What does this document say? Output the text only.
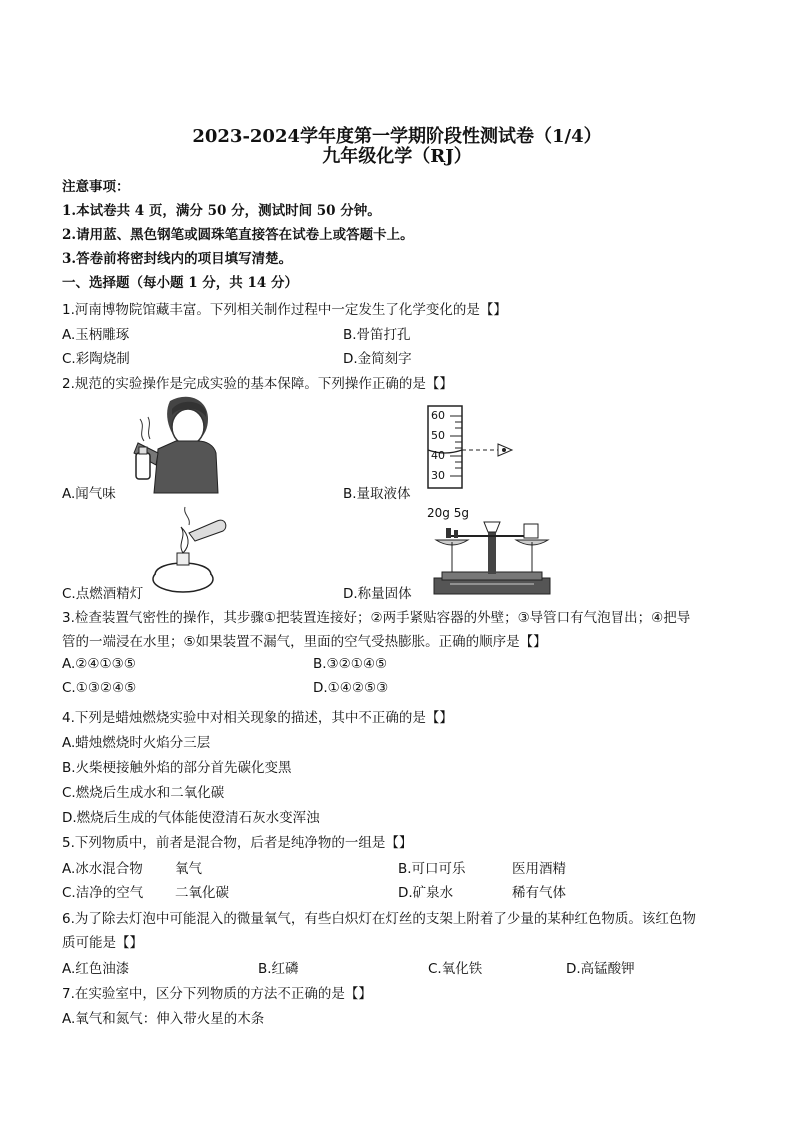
2023-2024学年度第一学期阶段性测试卷（1/4）
九年级化学（RJ）
注意事项：
1.本试卷共 4 页，满分 50 分，测试时间 50 分钟。
2.请用蓝、黑色钢笔或圆珠笔直接答在试卷上或答题卡上。
3.答卷前将密封线内的项目填写清楚。
一、选择题（每小题 1 分，共 14 分）
1.河南博物院馆藏丰富。下列相关制作过程中一定发生了化学变化的是【】
A.玉柄雕琢	B.骨笛打孔
C.彩陶烧制	D.金简刻字
2.规范的实验操作是完成实验的基本保障。下列操作正确的是【】
A.闻气味
60
50
40
30
B.量取液体
C.点燃酒精灯
20g 5g
D.称量固体
3.检查装置气密性的操作，其步骤①把装置连接好；②两手紧贴容器的外壁；③导管口有气泡冒出；④把导
管的一端浸在水里；⑤如果装置不漏气，里面的空气受热膨胀。正确的顺序是【】
A.②④①③⑤	B.③②①④⑤
C.①③②④⑤	D.①④②⑤③
4.下列是蜡烛燃烧实验中对相关现象的描述，其中不正确的是【】
A.蜡烛燃烧时火焰分三层
B.火柴梗接触外焰的部分首先碳化变黑
C.燃烧后生成水和二氧化碳
D.燃烧后生成的气体能使澄清石灰水变浑浊
5.下列物质中，前者是混合物，后者是纯净物的一组是【】
A.冰水混合物 氧气	B.可口可乐	医用酒精
C.洁净的空气 二氧化碳	D.矿泉水	稀有气体
6.为了除去灯泡中可能混入的微量氧气，有些白炽灯在灯丝的支架上附着了少量的某种红色物质。该红色物
质可能是【】
A.红色油漆	B.红磷	C.氧化铁	D.高锰酸钾
7.在实验室中，区分下列物质的方法不正确的是【】
A.氧气和氮气：伸入带火星的木条
